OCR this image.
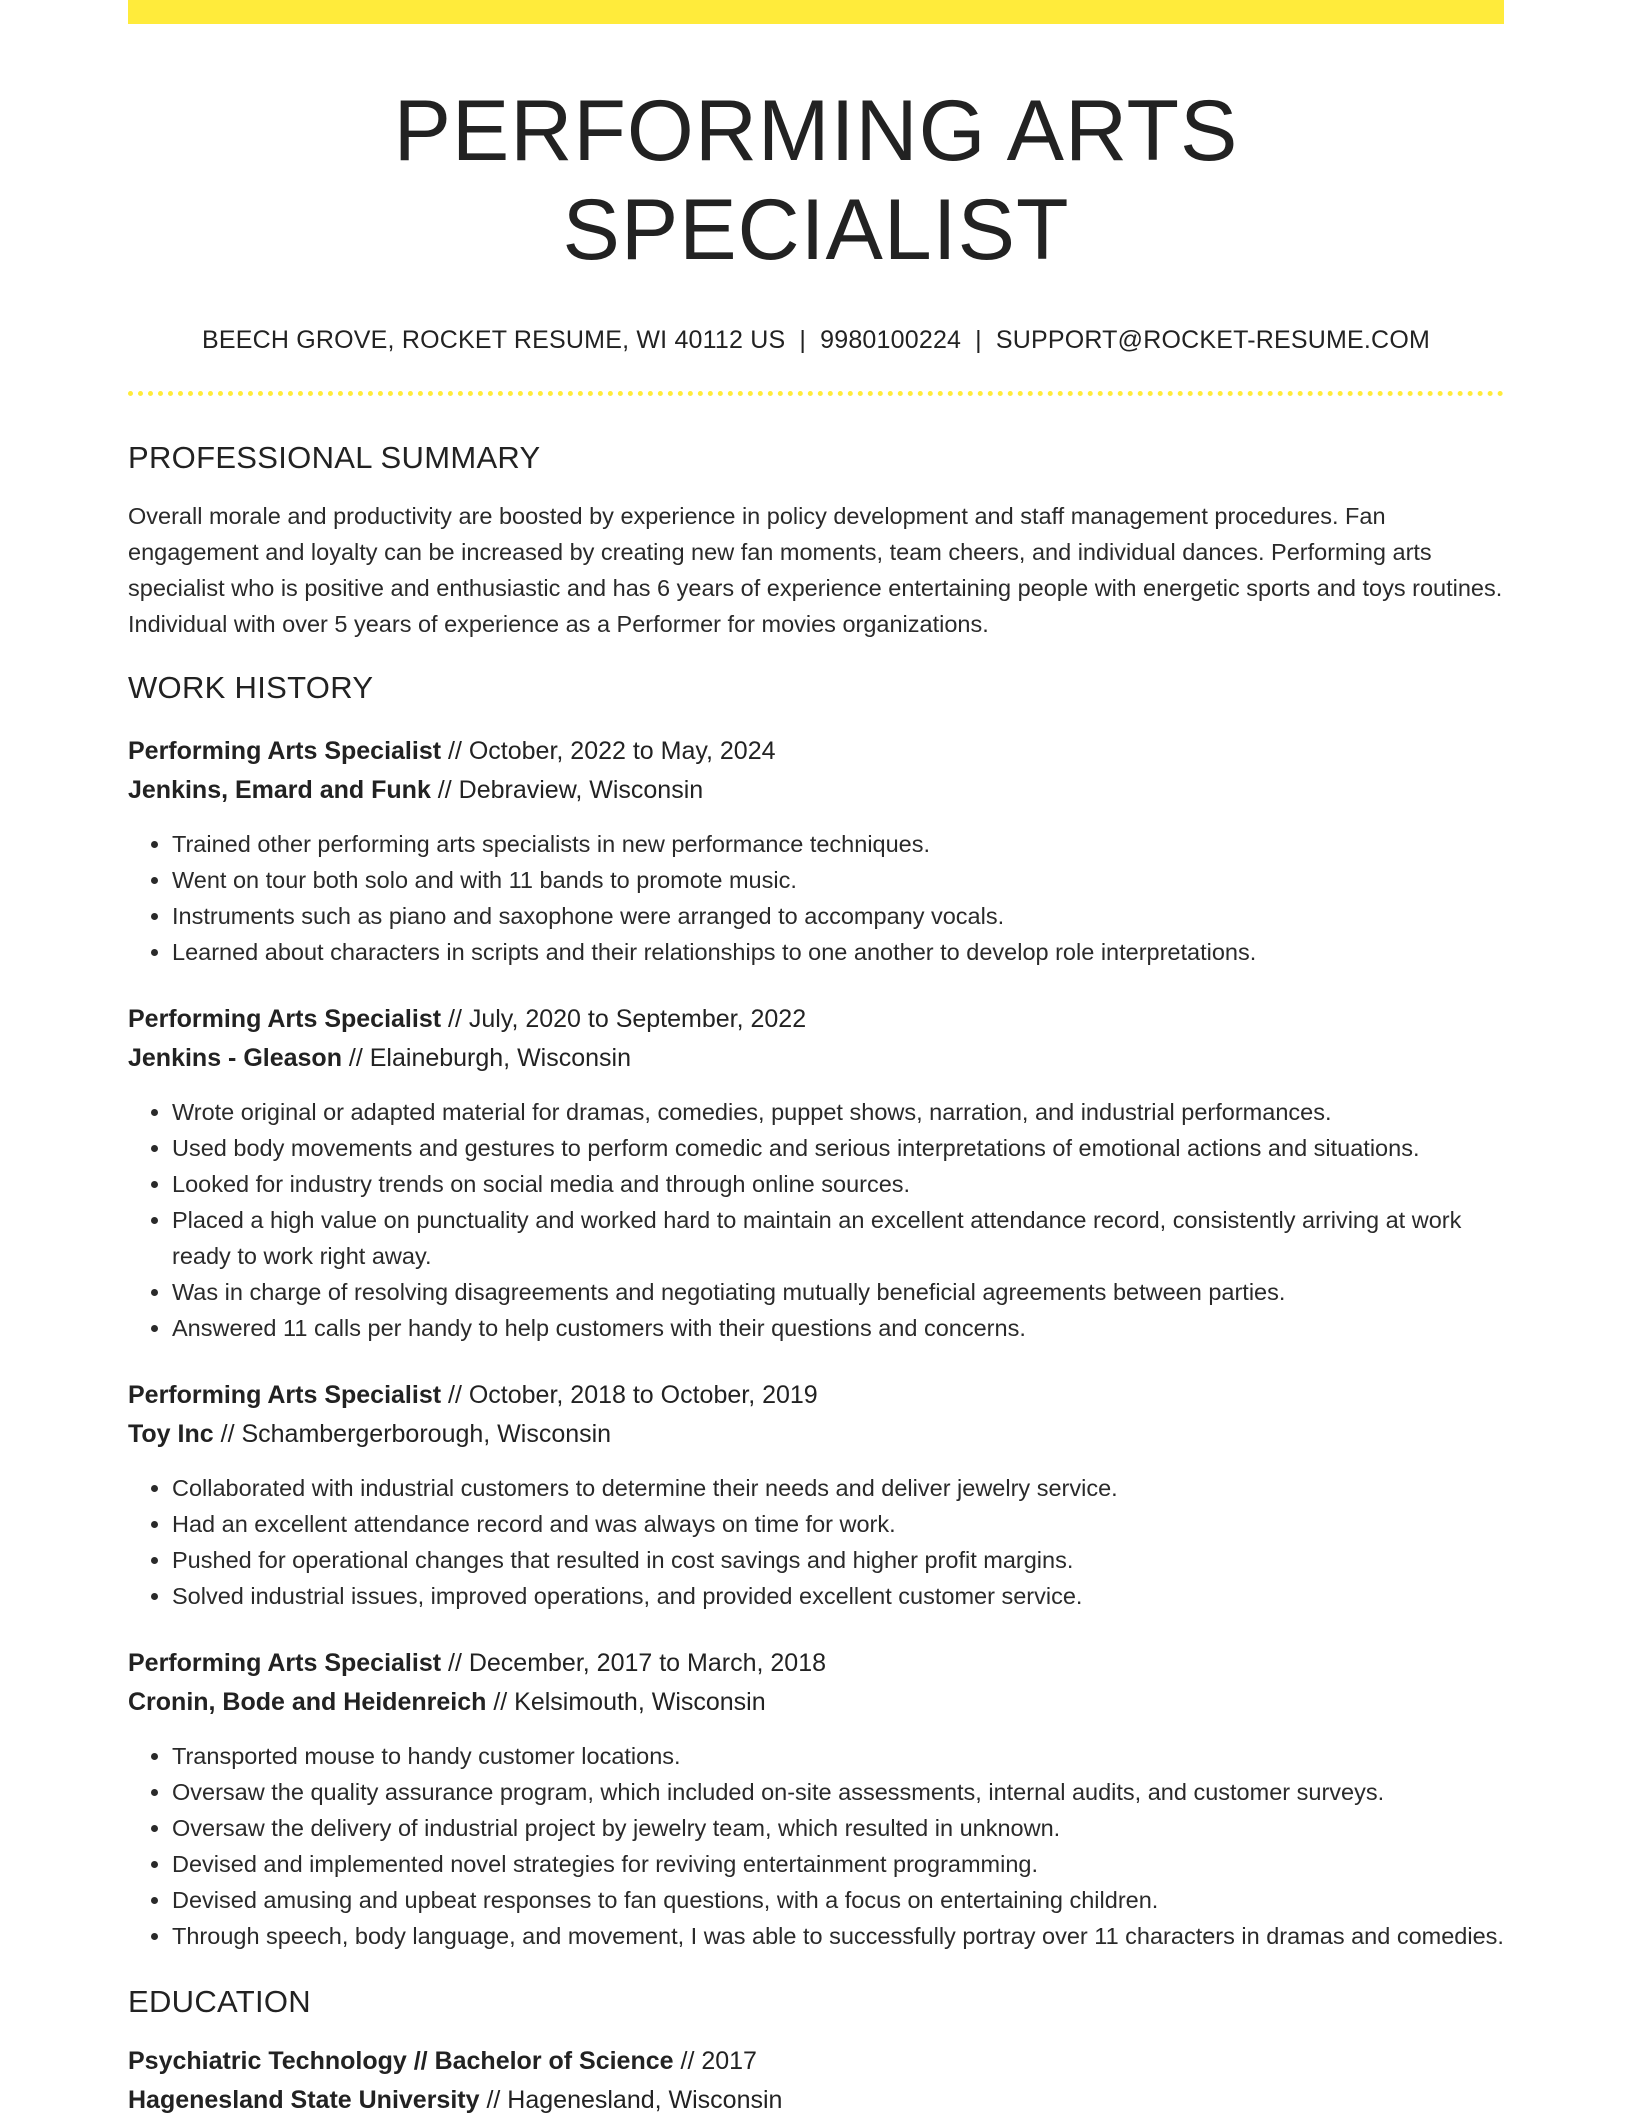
PERFORMING ARTS SPECIALIST
BEECH GROVE, ROCKET RESUME, WI 40112 US | 9980100224 | SUPPORT@ROCKET-RESUME.COM
PROFESSIONAL SUMMARY

Overall morale and productivity are boosted by experience in policy development and staff management procedures. Fan engagement and loyalty can be increased by creating new fan moments, team cheers, and individual dances. Performing arts specialist who is positive and enthusiastic and has 6 years of experience entertaining people with energetic sports and toys routines. Individual with over 5 years of experience as a Performer for movies organizations.

WORK HISTORY
Performing Arts Specialist // October, 2022 to May, 2024
Jenkins, Emard and Funk // Debraview, Wisconsin
• Trained other performing arts specialists in new performance techniques.
• Went on tour both solo and with 11 bands to promote music.
• Instruments such as piano and saxophone were arranged to accompany vocals.
• Learned about characters in scripts and their relationships to one another to develop role interpretations.
Performing Arts Specialist // July, 2020 to September, 2022
Jenkins - Gleason // Elaineburgh, Wisconsin
• Wrote original or adapted material for dramas, comedies, puppet shows, narration, and industrial performances.
• Used body movements and gestures to perform comedic and serious interpretations of emotional actions and situations.
• Looked for industry trends on social media and through online sources.
• Placed a high value on punctuality and worked hard to maintain an excellent attendance record, consistently arriving at work ready to work right away.
• Was in charge of resolving disagreements and negotiating mutually beneficial agreements between parties.
• Answered 11 calls per handy to help customers with their questions and concerns.
Performing Arts Specialist // October, 2018 to October, 2019
Toy Inc // Schambergerborough, Wisconsin
• Collaborated with industrial customers to determine their needs and deliver jewelry service.
• Had an excellent attendance record and was always on time for work.
• Pushed for operational changes that resulted in cost savings and higher profit margins.
• Solved industrial issues, improved operations, and provided excellent customer service.
Performing Arts Specialist // December, 2017 to March, 2018
Cronin, Bode and Heidenreich // Kelsimouth, Wisconsin
• Transported mouse to handy customer locations.
• Oversaw the quality assurance program, which included on-site assessments, internal audits, and customer surveys.
• Oversaw the delivery of industrial project by jewelry team, which resulted in unknown.
• Devised and implemented novel strategies for reviving entertainment programming.
• Devised amusing and upbeat responses to fan questions, with a focus on entertaining children.
• Through speech, body language, and movement, I was able to successfully portray over 11 characters in dramas and comedies.
EDUCATION
Psychiatric Technology // Bachelor of Science // 2017
Hagenesland State University // Hagenesland, Wisconsin
